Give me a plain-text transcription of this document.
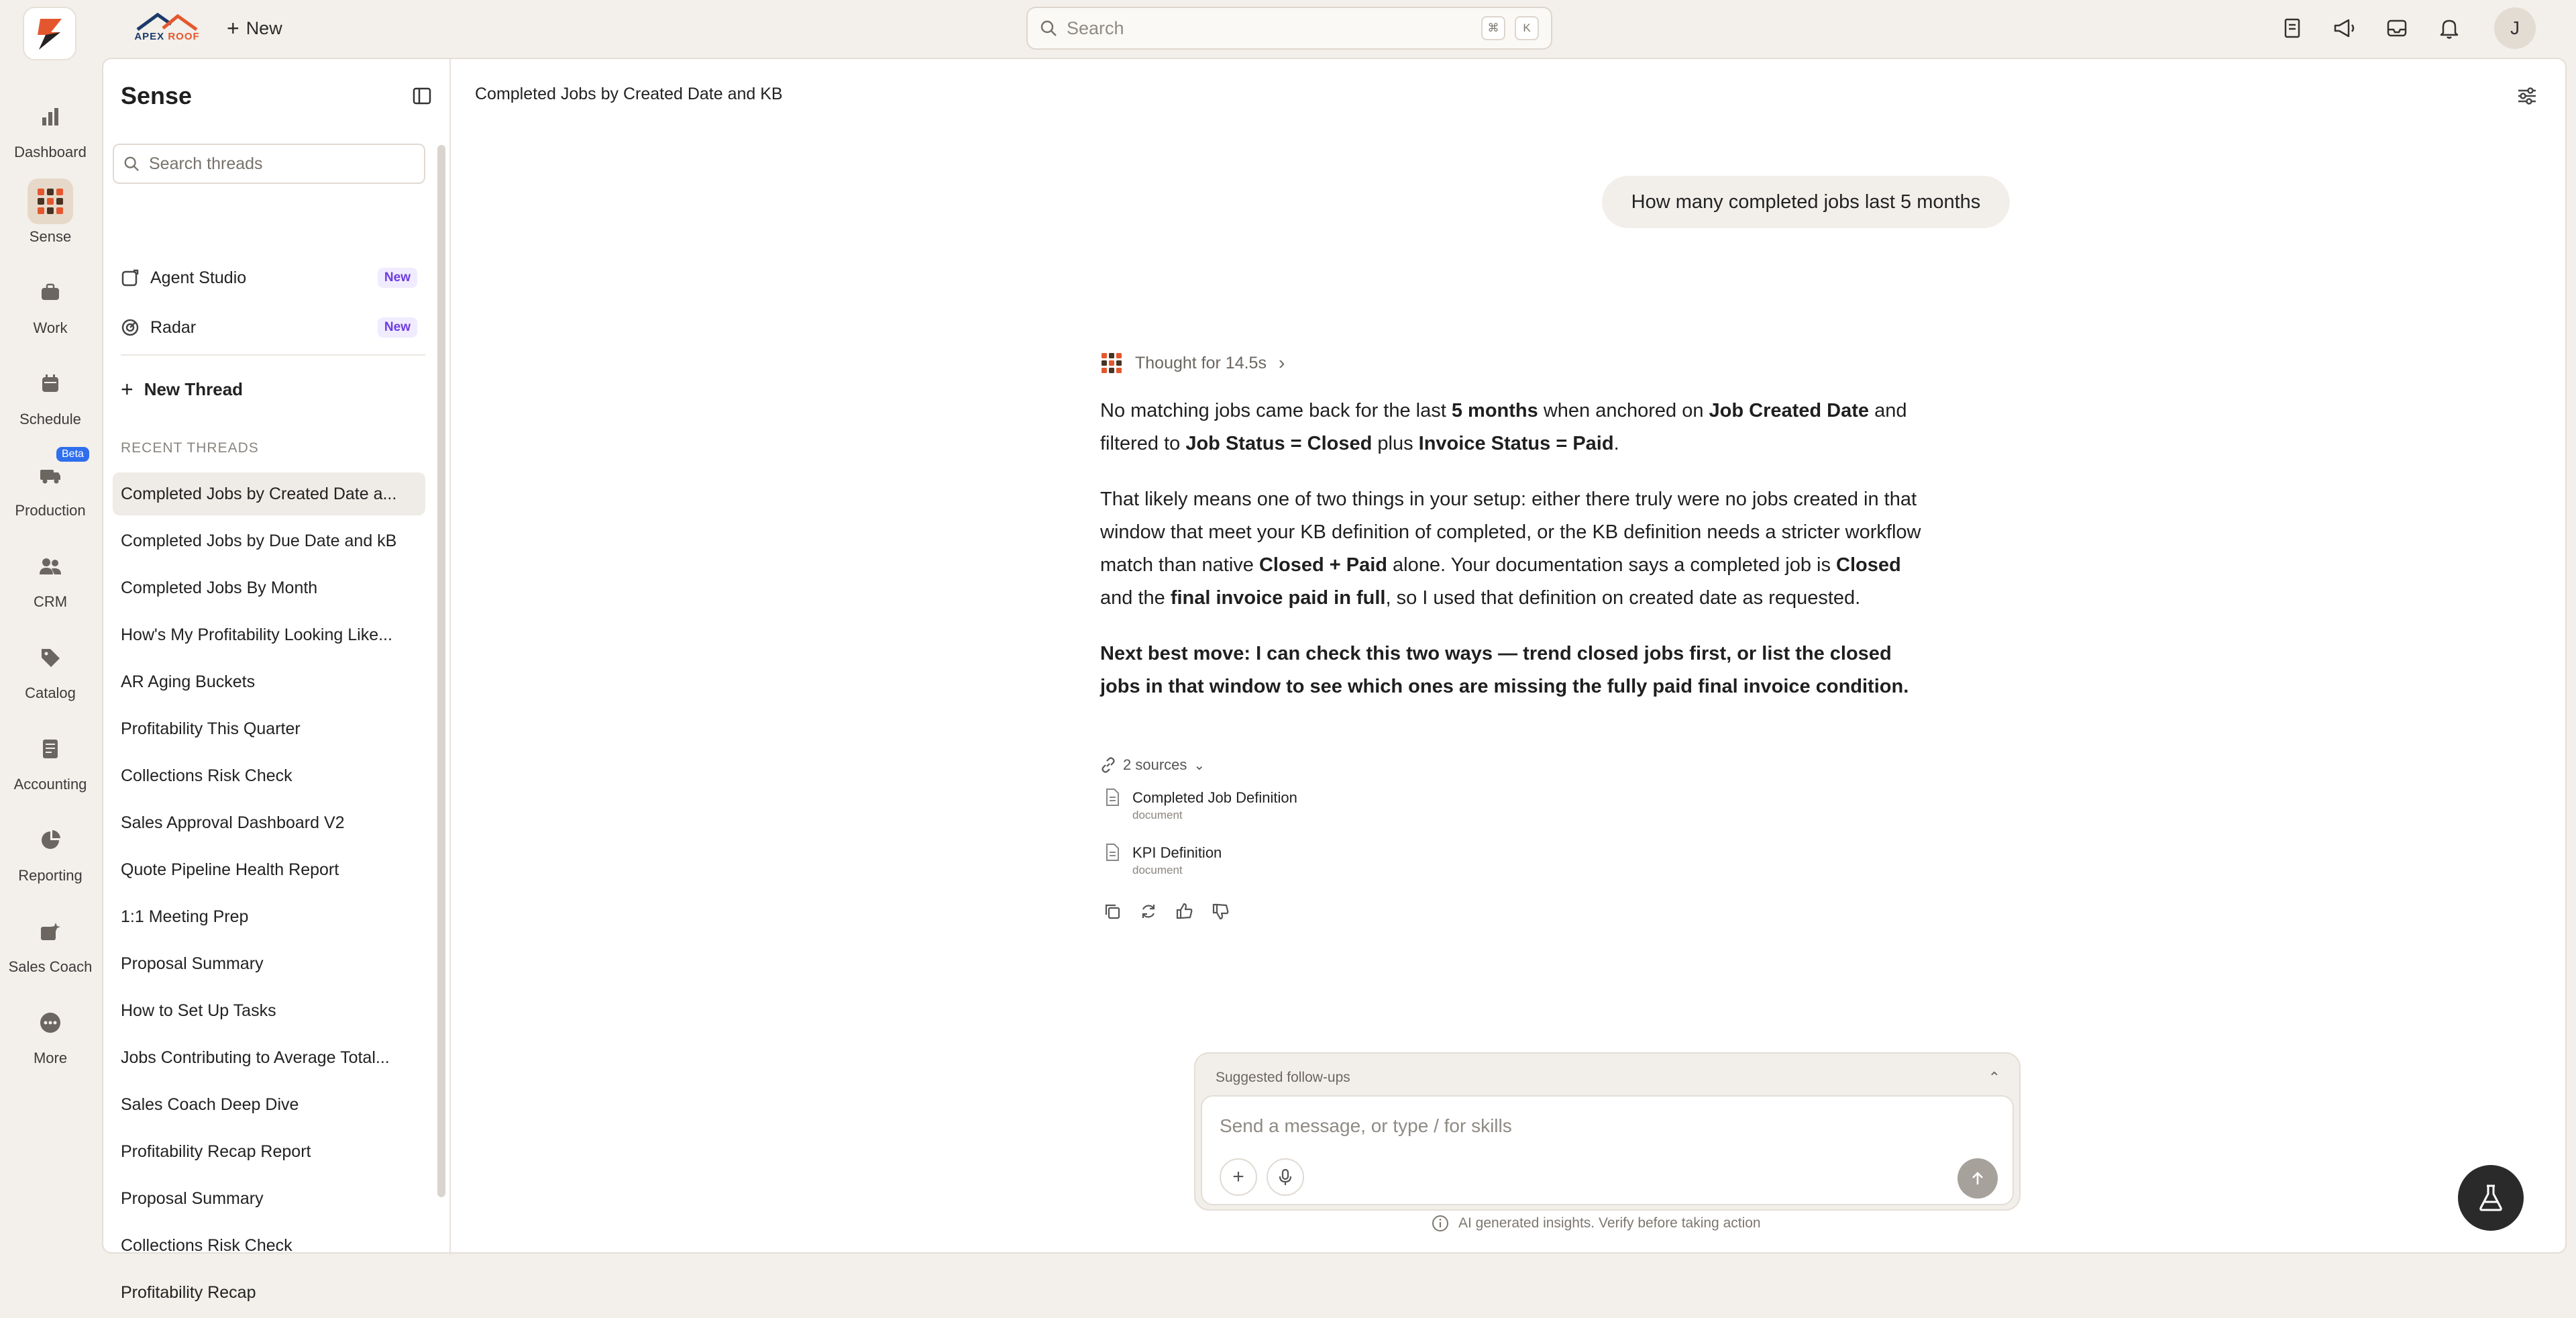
APEX ROOF + New	Search	⌘	K	J
Dashboard
Sense
Work
Schedule
Beta
Production
CRM
Catalog
Accounting
Reporting
Sales Coach
More
Sense
Search threads
Agent Studio	New
Radar	New
+ New Thread
RECENT THREADS
Completed Jobs by Created Date a...
Completed Jobs by Due Date and kB
Completed Jobs By Month
How's My Profitability Looking Like...
AR Aging Buckets
Profitability This Quarter
Collections Risk Check
Sales Approval Dashboard V2
Quote Pipeline Health Report
1:1 Meeting Prep
Proposal Summary
How to Set Up Tasks
Jobs Contributing to Average Total...
Sales Coach Deep Dive
Profitability Recap Report
Proposal Summary
Collections Risk Check
Profitability Recap
Completed Jobs by Created Date and KB
How many completed jobs last 5 months
Thought for 14.5s ›

No matching jobs came back for the last 5 months when anchored on Job Created Date and filtered to Job Status = Closed plus Invoice Status = Paid.

That likely means one of two things in your setup: either there truly were no jobs created in that window that meet your KB definition of completed, or the KB definition needs a stricter workflow match than native Closed + Paid alone. Your documentation says a completed job is Closed and the final invoice paid in full, so I used that definition on created date as requested.

Next best move: I can check this two ways — trend closed jobs first, or list the closed jobs in that window to see which ones are missing the fully paid final invoice condition.

2 sources ⌄
Completed Job Definition
document
KPI Definition
document
Suggested follow-ups	⌃
Send a message, or type / for skills
+
AI generated insights. Verify before taking action
